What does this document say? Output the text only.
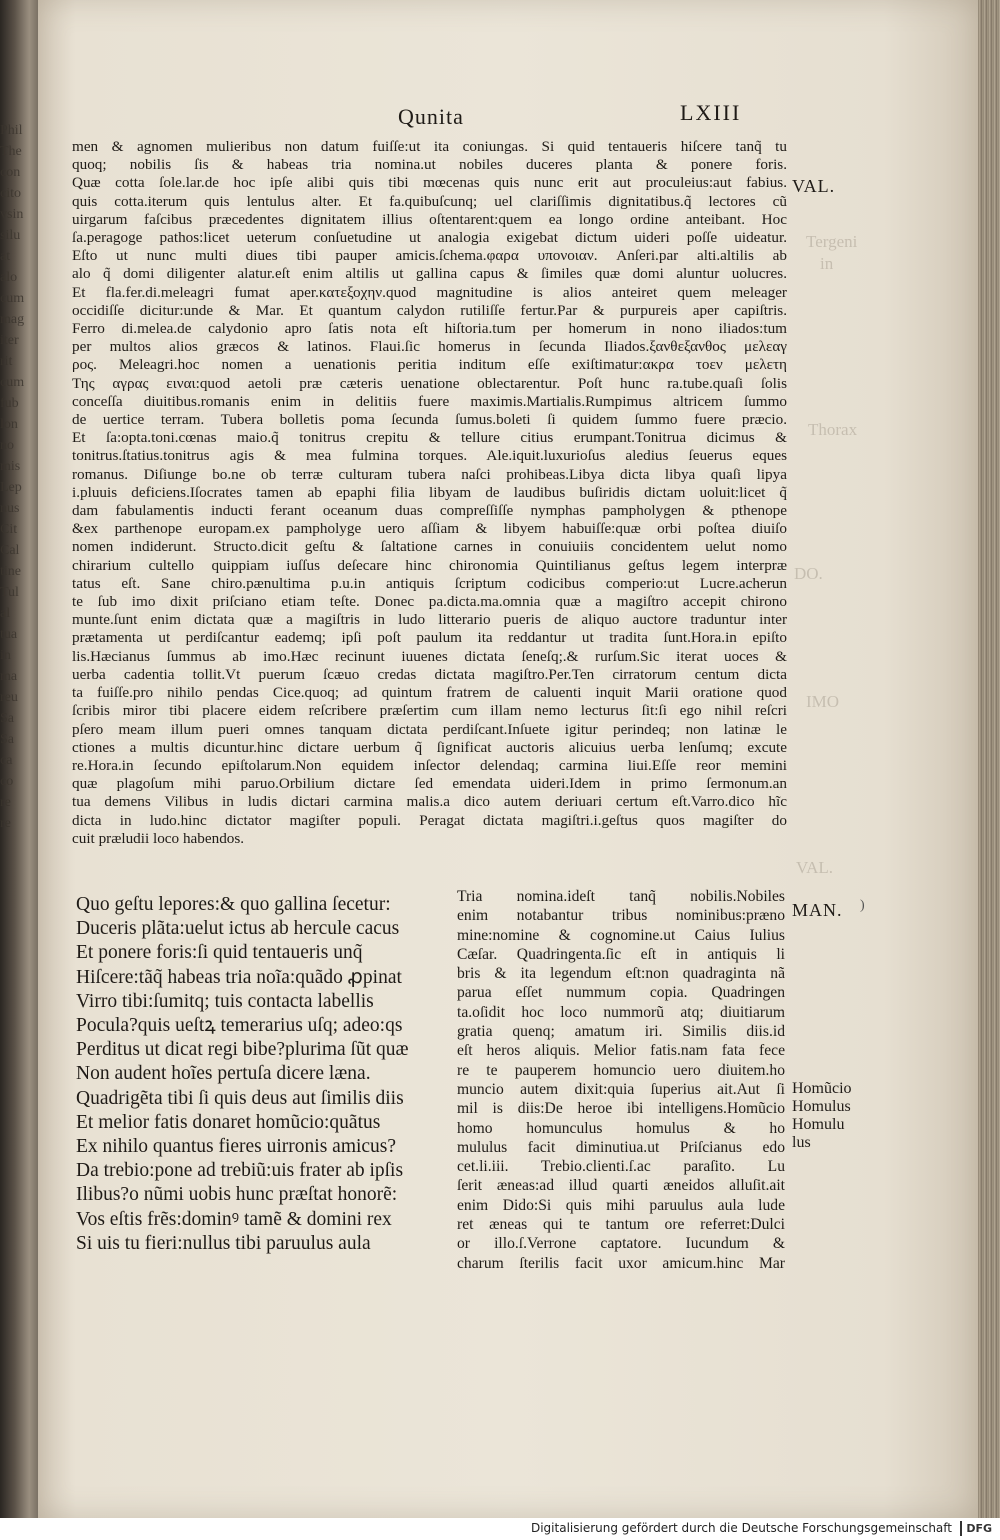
Phil
The
con
cito
vsin
silu
at
alo
cum
mag
iter
rit
cum
fub
lon
no
mis
Lep
nus
Cit
Cal
tine
Tul
al
tua
in
ma
reu
Sa
Sa
ca
co
re
re
Qunita	LXIII

men & agnomen mulieribus non datum fuiſſe:ut ita coniungas. Si quid tentaueris hiſcere tanq̃ tu

quoq; nobilis ſis & habeas tria nomina.ut nobiles duceres planta & ponere foris.

Quæ cotta ſole.lar.de hoc ipſe alibi quis tibi mœcenas quis nunc erit aut proculeius:aut fabius.

quis cotta.iterum quis lentulus alter. Et fa.quibuſcunq; uel clariſſimis dignitatibus.q̃ lectores cũ

uirgarum faſcibus præcedentes dignitatem illius oſtentarent:quem ea longo ordine anteibant. Hoc

ſa.peragoge pathos:licet ueterum conſuetudine ut analogia exigebat dictum uideri poſſe uideatur.

Eſto ut nunc multi diues tibi pauper amicis.ſchema.φαρα υπονοιαν. Anſeri.par alti.altilis ab

alo q̃ domi diligenter alatur.eſt enim altilis ut gallina capus & ſimiles quæ domi aluntur uolucres.

Et fla.fer.di.meleagri fumat aper.κατεξοχην.quod magnitudine is alios anteiret quem meleager

occidiſſe dicitur:unde & Mar. Et quantum calydon rutiliſſe fertur.Par & purpureis aper capiſtris.

Ferro di.melea.de calydonio apro ſatis nota eſt hiſtoria.tum per homerum in nono iliados:tum

per multos alios græcos & latinos. Flaui.ſic homerus in ſecunda Iliados.ξανθεξανθος μελεαγ

ρος. Meleagri.hoc nomen a uenationis peritia inditum eſſe exiſtimatur:ακρα τοεν μελετη

Της αγρας ειναι:quod aetoli præ cæteris uenatione oblectarentur. Poſt hunc ra.tube.quaſi ſolis

conceſſa diuitibus.romanis enim in delitiis fuere maximis.Martialis.Rumpimus altricem ſummo

de uertice terram. Tubera bolletis poma ſecunda ſumus.boleti ſi quidem ſummo fuere præcio.

Et ſa:opta.toni.cœnas maio.q̃ tonitrus crepitu & tellure citius erumpant.Tonitrua dicimus &

tonitrus.ſtatius.tonitrus agis & mea fulmina torques. Ale.iquit.luxurioſus aledius ſeuerus eques

romanus. Diſiunge bo.ne ob terræ culturam tubera naſci prohibeas.Libya dicta libya quaſi lipya

i.pluuis deficiens.Iſocrates tamen ab epaphi filia libyam de laudibus buſiridis dictam uoluit:licet q̃

dam fabulamentis inducti ferant oceanum duas compreſſiſſe nymphas pampholygen & pthenope

&ex parthenope europam.ex pampholyge uero aſſiam & libyem habuiſſe:quæ orbi poſtea diuiſo

nomen indiderunt. Structo.dicit geſtu & ſaltatione carnes in conuiuiis concidentem uelut nomo

chirarium cultello quippiam iuſſus deſecare hinc chironomia Quintilianus geſtus legem interpræ

tatus eſt. Sane chiro.pænultima p.u.in antiquis ſcriptum codicibus comperio:ut Lucre.acherun

te ſub imo dixit priſciano etiam teſte. Donec pa.dicta.ma.omnia quæ a magiſtro accepit chirono

munte.ſunt enim dictata quæ a magiſtris in ludo litterario pueris de aliquo auctore traduntur inter

prætamenta ut perdiſcantur eademq; ipſi poſt paulum ita reddantur ut tradita ſunt.Hora.in epiſto

lis.Hæcianus ſummus ab imo.Hæc recinunt iuuenes dictata ſeneſq;.& rurſum.Sic iterat uoces &

uerba cadentia tollit.Vt puerum ſcæuo credas dictata magiſtro.Per.Ten cirratorum centum dicta

ta fuiſſe.pro nihilo pendas Cice.quoq; ad quintum fratrem de caluenti inquit Marii oratione quod

ſcribis miror tibi placere eidem reſcribere præſertim cum illam nemo lecturus ſit:ſi ego nihil reſcri

pſero meam illum pueri omnes tanquam dictata perdiſcant.Inſuete igitur perindeq; non latinæ le

ctiones a multis dicuntur.hinc dictare uerbum q̃ ſignificat auctoris alicuius uerba lenſumq; excute

re.Hora.in ſecundo epiſtolarum.Non equidem inſector delendaq; carmina liui.Eſſe reor memini

quæ plagoſum mihi paruo.Orbilium dictare ſed emendata uideri.Idem in primo ſermonum.an

tua demens Vilibus in ludis dictari carmina malis.a dico autem deriuari certum eſt.Varro.dico hĩc

dicta in ludo.hinc dictator magiſter populi. Peragat dictata magiſtri.i.geſtus quos magiſter do

cuit præludii loco habendos.

Quo geſtu lepores:& quo gallina ſecetur:

Duceris plãta:uelut ictus ab hercule cacus

Et ponere foris:ſi quid tentaueris unq̃

Hiſcere:tãq̃ habeas tria noĩa:quãdo ꝓpinat

Virro tibi:ſumitq; tuis contacta labellis

Pocula?quis ueſtꝝ temerarius uſq; adeo:qs

Perditus ut dicat regi bibe?plurima ſũt quæ

Non audent hoĩes pertuſa dicere læna.

Quadrigẽta tibi ſi quis deus aut ſimilis diis

Et melior fatis donaret homũcio:quãtus

Ex nihilo quantus fieres uirronis amicus?

Da trebio:pone ad trebiũ:uis frater ab ipſis

Ilibus?o nũmi uobis hunc præſtat honorẽ:

Vos eſtis frẽs:dominꝰ tamẽ & domini rex

Si uis tu fieri:nullus tibi paruulus aula

Tria nomina.ideſt tanq̃ nobilis.Nobiles

enim notabantur tribus nominibus:præno

mine:nomine & cognomine.ut Caius Iulius

Cæſar. Quadringenta.ſic eſt in antiquis li

bris & ita legendum eſt:non quadraginta nã

parua eſſet nummum copia. Quadringen

ta.oſidit hoc loco nummorũ atq; diuitiarum

gratia quenq; amatum iri. Similis diis.id

eſt heros aliquis. Melior fatis.nam fata fece

re te pauperem homuncio uero diuitem.ho

muncio autem dixit:quia ſuperius ait.Aut ſi

mil is diis:De heroe ibi intelligens.Homũcio

homo homunculus homulus & ho

mululus facit diminutiua.ut Priſcianus edo

cet.li.iii. Trebio.clienti.ſ.ac paraſito. Lu

ſerit æneas:ad illud quarti æneidos alluſit.ait

enim Dido:Si quis mihi paruulus aula lude

ret æneas qui te tantum ore referret:Dulci

or illo.ſ.Verrone captatore. Iucundum &

charum ſterilis facit uxor amicum.hinc Mar

VAL.
MAN. )
Homũcio
Homulus
Homulu
lus
Tergeni
in
Thorax
DO.
IMO
VAL.
Digitalisierung gefördert durch die Deutsche Forschungsgemeinschaft	DFG
